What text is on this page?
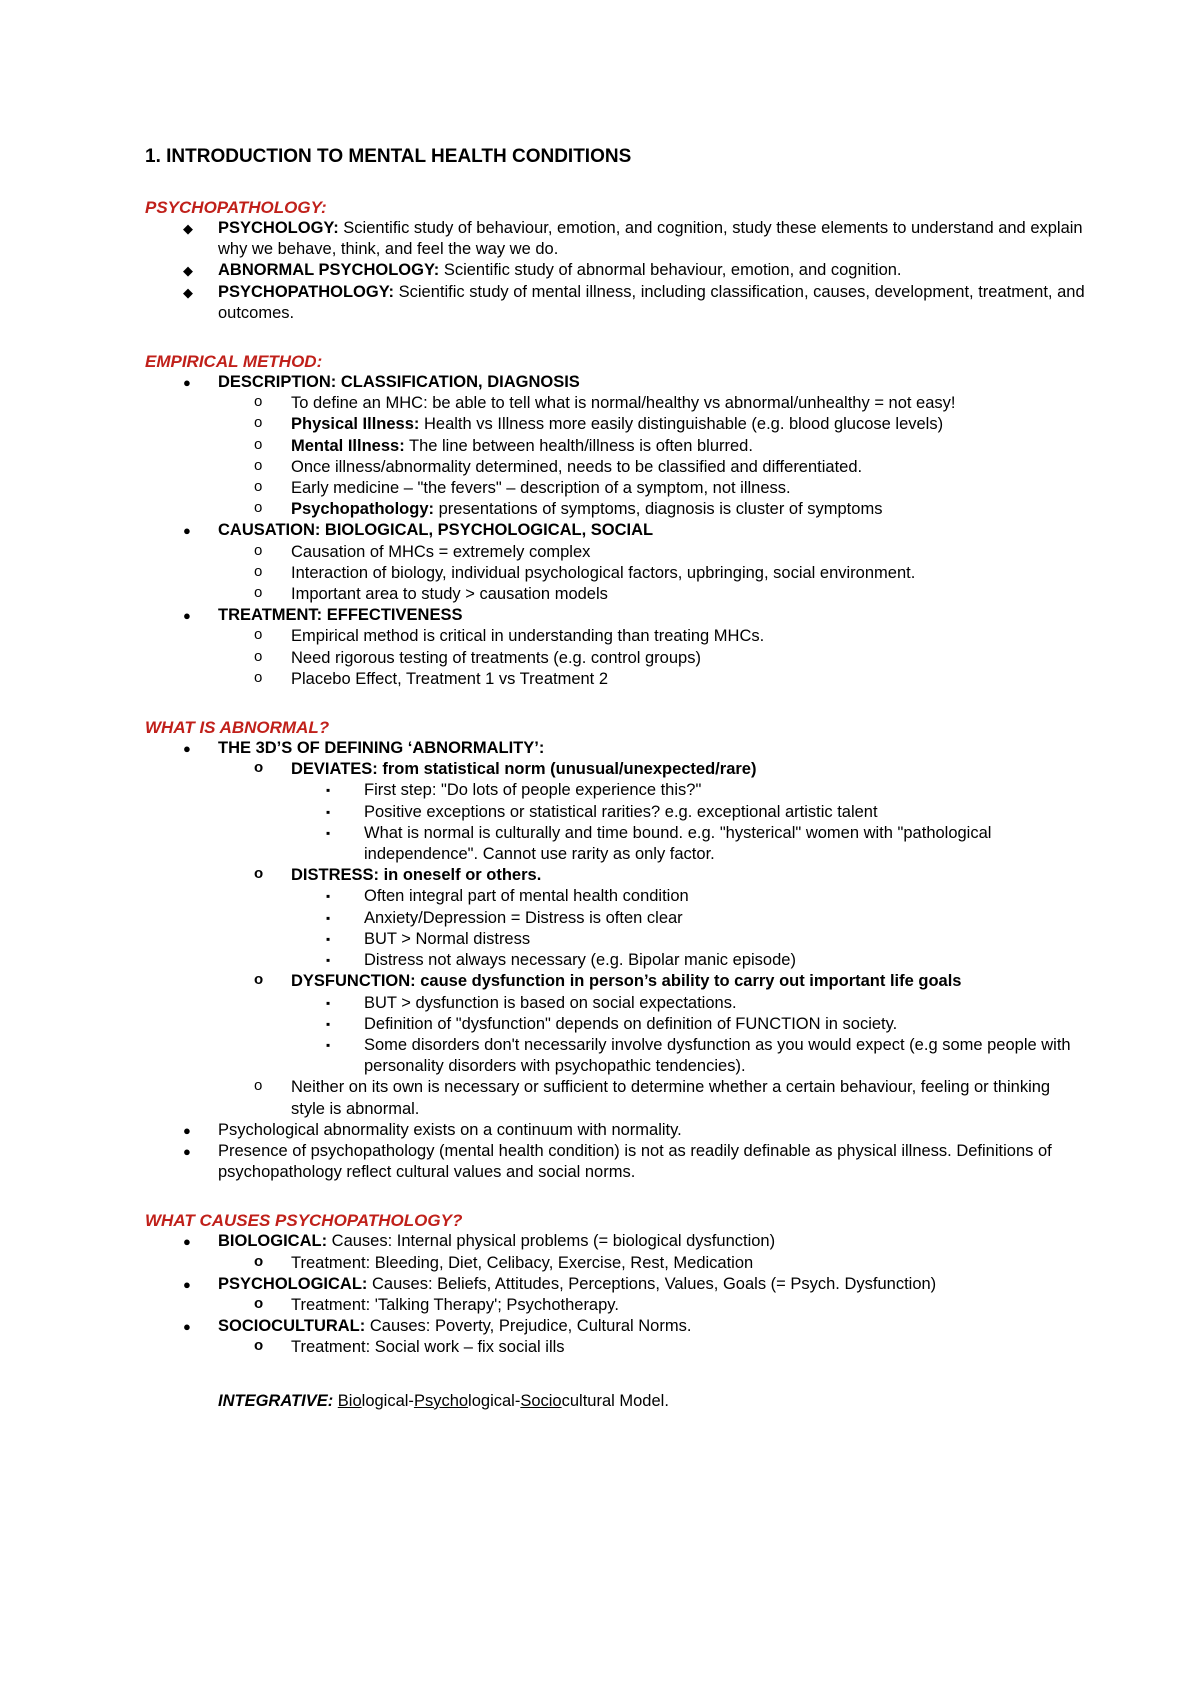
1. INTRODUCTION TO MENTAL HEALTH CONDITIONS
PSYCHOPATHOLOGY:
◆ PSYCHOLOGY: Scientific study of behaviour, emotion, and cognition, study these elements to understand and explain why we behave, think, and feel the way we do.
◆ ABNORMAL PSYCHOLOGY: Scientific study of abnormal behaviour, emotion, and cognition.
◆ PSYCHOPATHOLOGY: Scientific study of mental illness, including classification, causes, development, treatment, and outcomes.
EMPIRICAL METHOD:
● DESCRIPTION: CLASSIFICATION, DIAGNOSIS
o To define an MHC: be able to tell what is normal/healthy vs abnormal/unhealthy = not easy!
o Physical Illness: Health vs Illness more easily distinguishable (e.g. blood glucose levels)
o Mental Illness: The line between health/illness is often blurred.
o Once illness/abnormality determined, needs to be classified and differentiated.
o Early medicine – "the fevers" – description of a symptom, not illness.
o Psychopathology: presentations of symptoms, diagnosis is cluster of symptoms
● CAUSATION: BIOLOGICAL, PSYCHOLOGICAL, SOCIAL
o Causation of MHCs = extremely complex
o Interaction of biology, individual psychological factors, upbringing, social environment.
o Important area to study > causation models
● TREATMENT: EFFECTIVENESS
o Empirical method is critical in understanding than treating MHCs.
o Need rigorous testing of treatments (e.g. control groups)
o Placebo Effect, Treatment 1 vs Treatment 2
WHAT IS ABNORMAL?
● THE 3D’S OF DEFINING ‘ABNORMALITY’:
o DEVIATES: from statistical norm (unusual/unexpected/rare)
▪ First step: "Do lots of people experience this?"
▪ Positive exceptions or statistical rarities? e.g. exceptional artistic talent
▪ What is normal is culturally and time bound. e.g. "hysterical" women with "pathological independence". Cannot use rarity as only factor.
o DISTRESS: in oneself or others.
▪ Often integral part of mental health condition
▪ Anxiety/Depression = Distress is often clear
▪ BUT > Normal distress
▪ Distress not always necessary (e.g. Bipolar manic episode)
o DYSFUNCTION: cause dysfunction in person’s ability to carry out important life goals
▪ BUT > dysfunction is based on social expectations.
▪ Definition of "dysfunction" depends on definition of FUNCTION in society.
▪ Some disorders don't necessarily involve dysfunction as you would expect (e.g some people with personality disorders with psychopathic tendencies).
o Neither on its own is necessary or sufficient to determine whether a certain behaviour, feeling or thinking style is abnormal.
● Psychological abnormality exists on a continuum with normality.
● Presence of psychopathology (mental health condition) is not as readily definable as physical illness. Definitions of psychopathology reflect cultural values and social norms.
WHAT CAUSES PSYCHOPATHOLOGY?
● BIOLOGICAL: Causes: Internal physical problems (= biological dysfunction)
o Treatment: Bleeding, Diet, Celibacy, Exercise, Rest, Medication
● PSYCHOLOGICAL: Causes: Beliefs, Attitudes, Perceptions, Values, Goals (= Psych. Dysfunction)
o Treatment: 'Talking Therapy'; Psychotherapy.
● SOCIOCULTURAL: Causes: Poverty, Prejudice, Cultural Norms.
o Treatment: Social work – fix social ills
INTEGRATIVE: Biological-Psychological-Sociocultural Model.
